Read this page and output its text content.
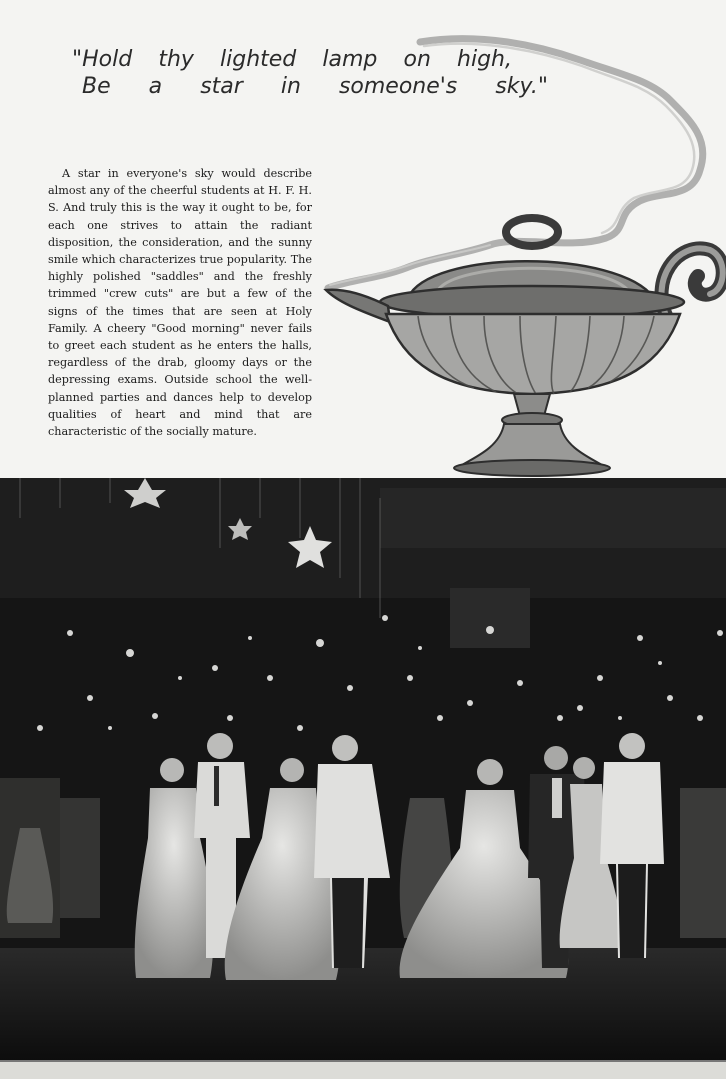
"Hold thy lighted lamp on high,
Be a star in someone's sky."

A star in everyone's sky would describe almost any of the cheerful students at H. F. H. S. And truly this is the way it ought to be, for each one strives to attain the radiant disposition, the consideration, and the sunny smile which characterizes true popularity. The highly polished "saddles" and the freshly trimmed "crew cuts" are but a few of the signs of the times that are seen at Holy Family. A cheery "Good morning" never fails to greet each student as he enters the halls, regardless of the drab, gloomy days or the depressing exams. Outside school the well-planned parties and dances help to develop qualities of heart and mind that are characteristic of the socially mature.
